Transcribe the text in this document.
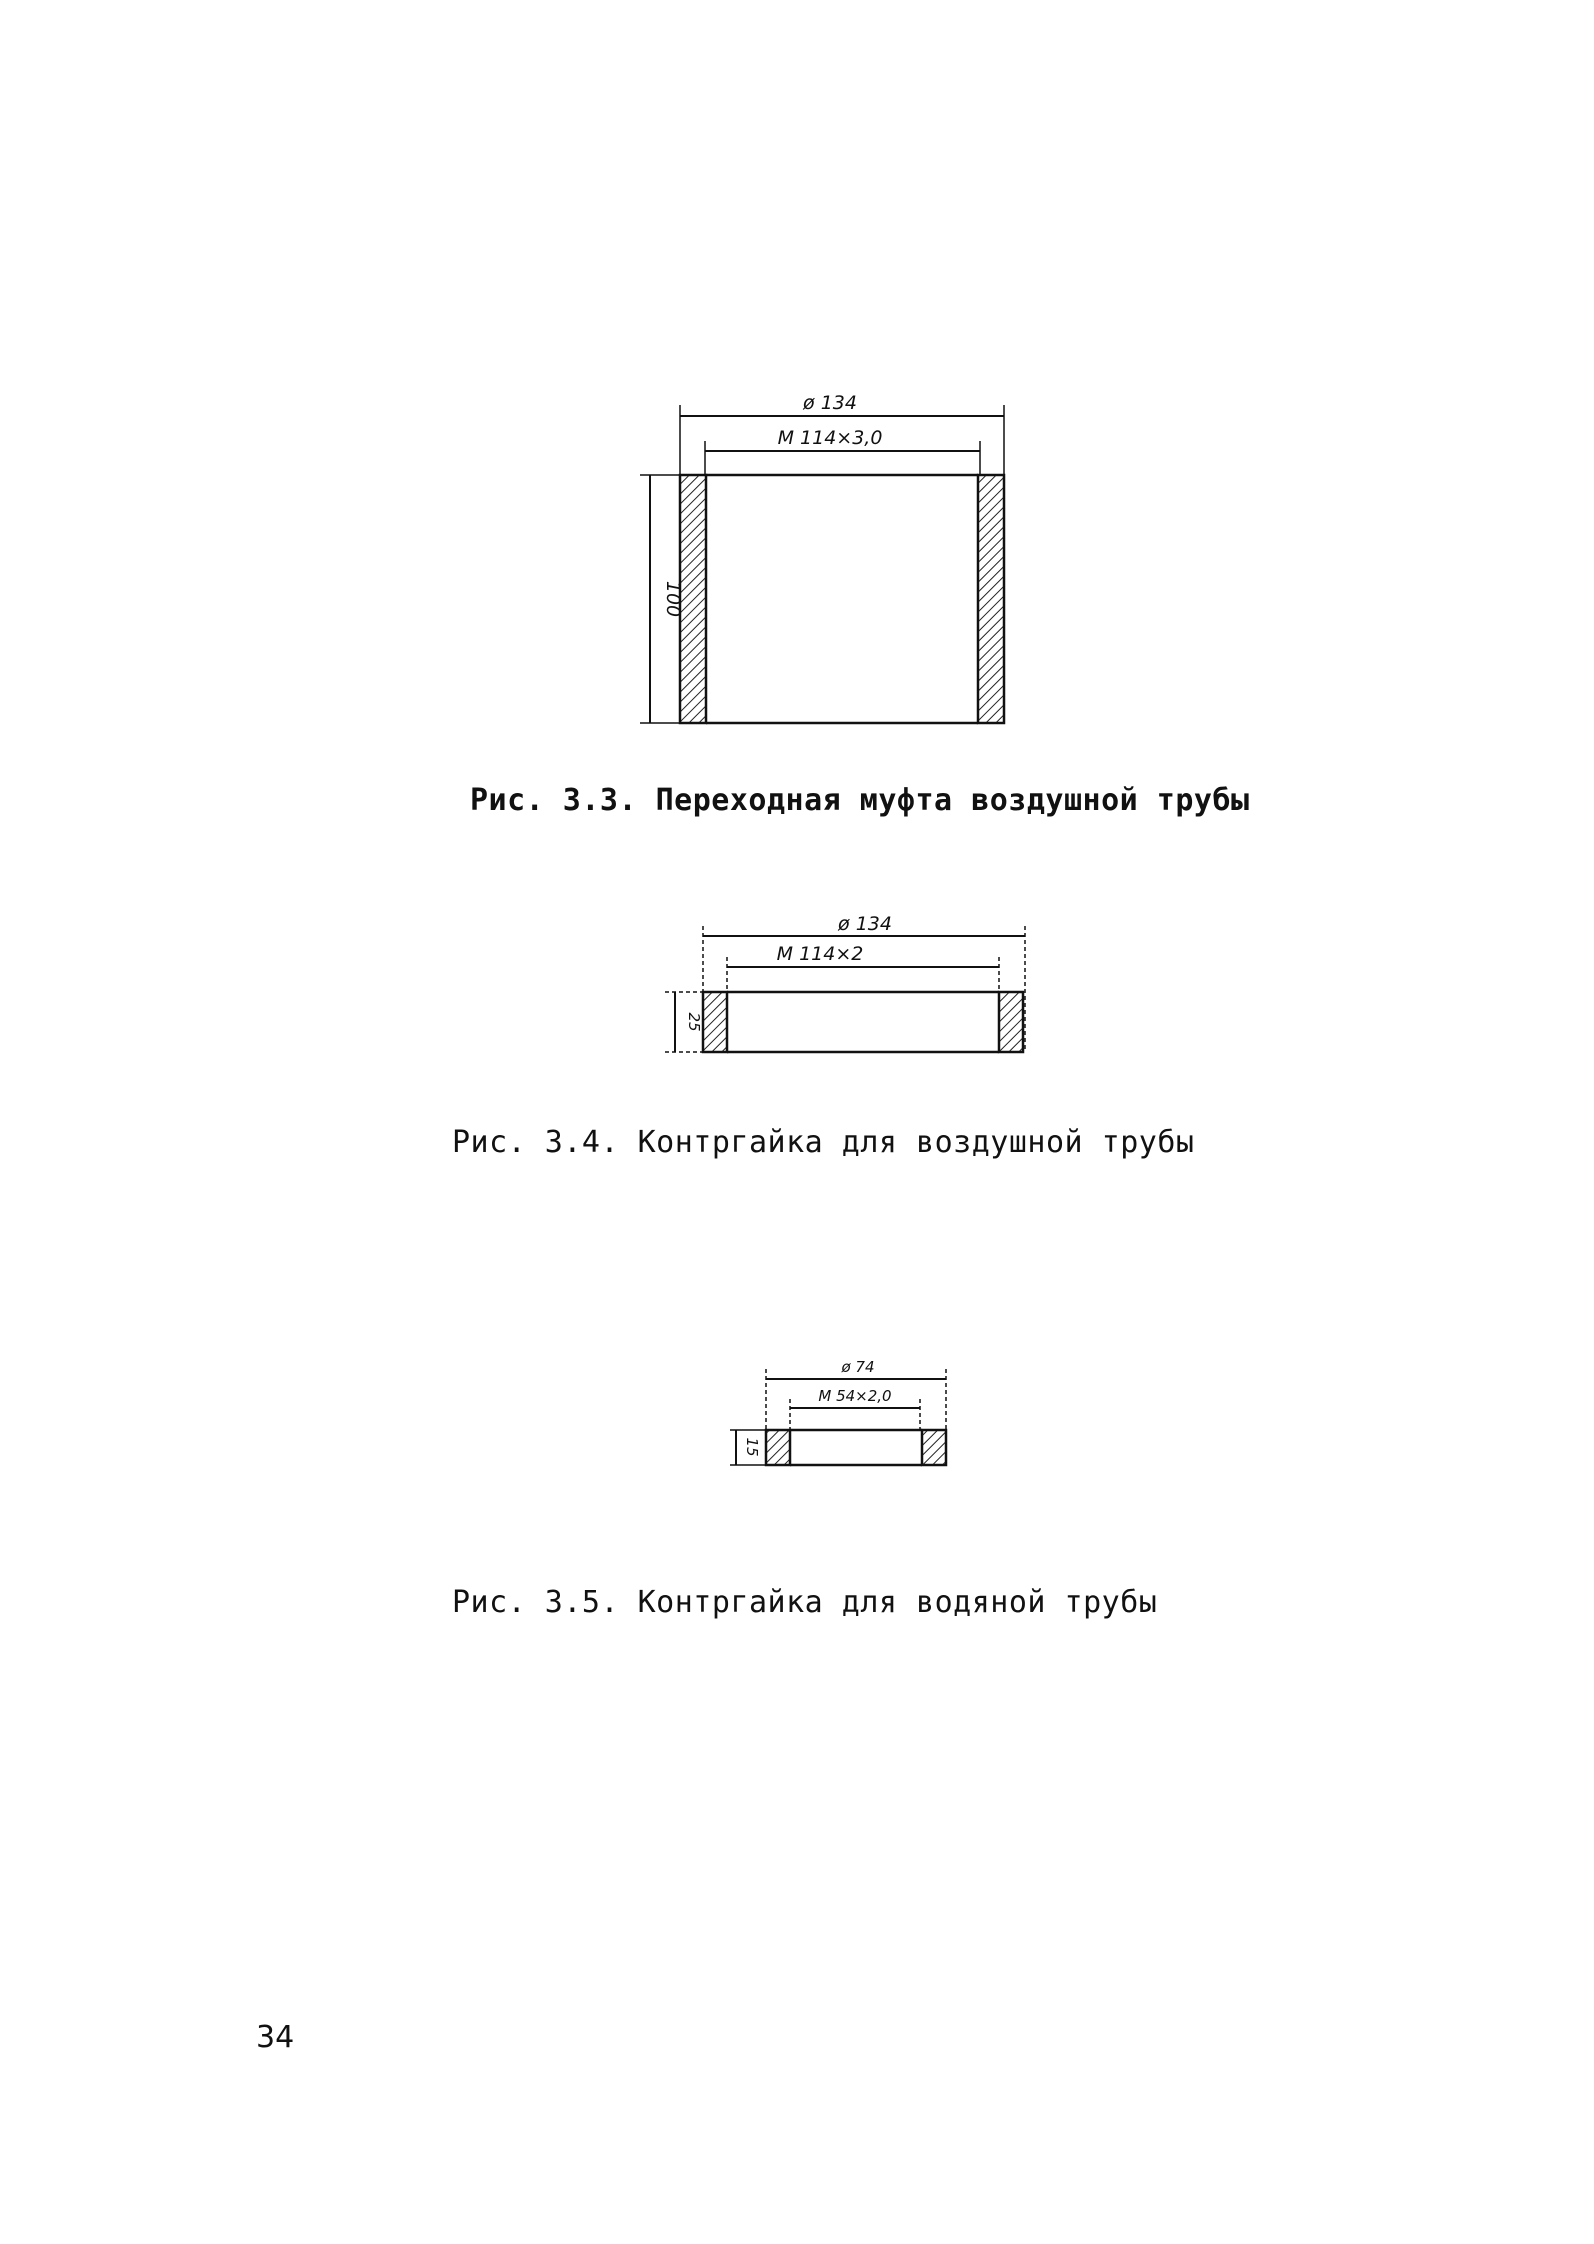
ø 134
М 114×3,0
100
Рис. 3.3. Переходная муфта воздушной трубы
ø 134
М 114×2
25
Рис. 3.4. Контргайка для воздушной трубы
ø 74
М 54×2,0
15
Рис. 3.5. Контргайка для водяной трубы
34
